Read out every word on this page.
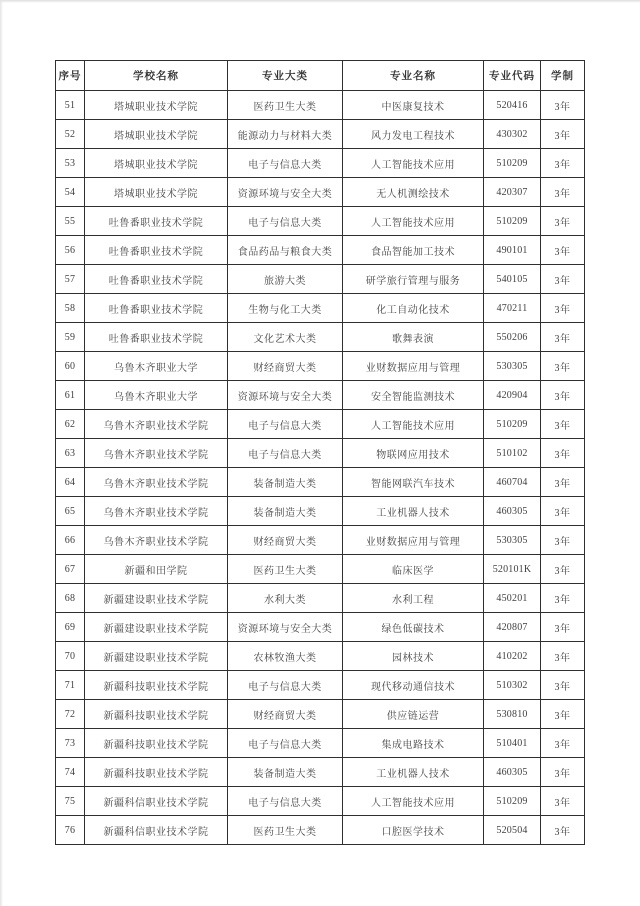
序号	学校名称	专业大类	专业名称	专业代码	学制
51	塔城职业技术学院	医药卫生大类	中医康复技术	520416	3年
52	塔城职业技术学院	能源动力与材料大类	风力发电工程技术	430302	3年
53	塔城职业技术学院	电子与信息大类	人工智能技术应用	510209	3年
54	塔城职业技术学院	资源环境与安全大类	无人机测绘技术	420307	3年
55	吐鲁番职业技术学院	电子与信息大类	人工智能技术应用	510209	3年
56	吐鲁番职业技术学院	食品药品与粮食大类	食品智能加工技术	490101	3年
57	吐鲁番职业技术学院	旅游大类	研学旅行管理与服务	540105	3年
58	吐鲁番职业技术学院	生物与化工大类	化工自动化技术	470211	3年
59	吐鲁番职业技术学院	文化艺术大类	歌舞表演	550206	3年
60	乌鲁木齐职业大学	财经商贸大类	业财数据应用与管理	530305	3年
61	乌鲁木齐职业大学	资源环境与安全大类	安全智能监测技术	420904	3年
62	乌鲁木齐职业技术学院	电子与信息大类	人工智能技术应用	510209	3年
63	乌鲁木齐职业技术学院	电子与信息大类	物联网应用技术	510102	3年
64	乌鲁木齐职业技术学院	装备制造大类	智能网联汽车技术	460704	3年
65	乌鲁木齐职业技术学院	装备制造大类	工业机器人技术	460305	3年
66	乌鲁木齐职业技术学院	财经商贸大类	业财数据应用与管理	530305	3年
67	新疆和田学院	医药卫生大类	临床医学	520101K	3年
68	新疆建设职业技术学院	水利大类	水利工程	450201	3年
69	新疆建设职业技术学院	资源环境与安全大类	绿色低碳技术	420807	3年
70	新疆建设职业技术学院	农林牧渔大类	园林技术	410202	3年
71	新疆科技职业技术学院	电子与信息大类	现代移动通信技术	510302	3年
72	新疆科技职业技术学院	财经商贸大类	供应链运营	530810	3年
73	新疆科技职业技术学院	电子与信息大类	集成电路技术	510401	3年
74	新疆科技职业技术学院	装备制造大类	工业机器人技术	460305	3年
75	新疆科信职业技术学院	电子与信息大类	人工智能技术应用	510209	3年
76	新疆科信职业技术学院	医药卫生大类	口腔医学技术	520504	3年
